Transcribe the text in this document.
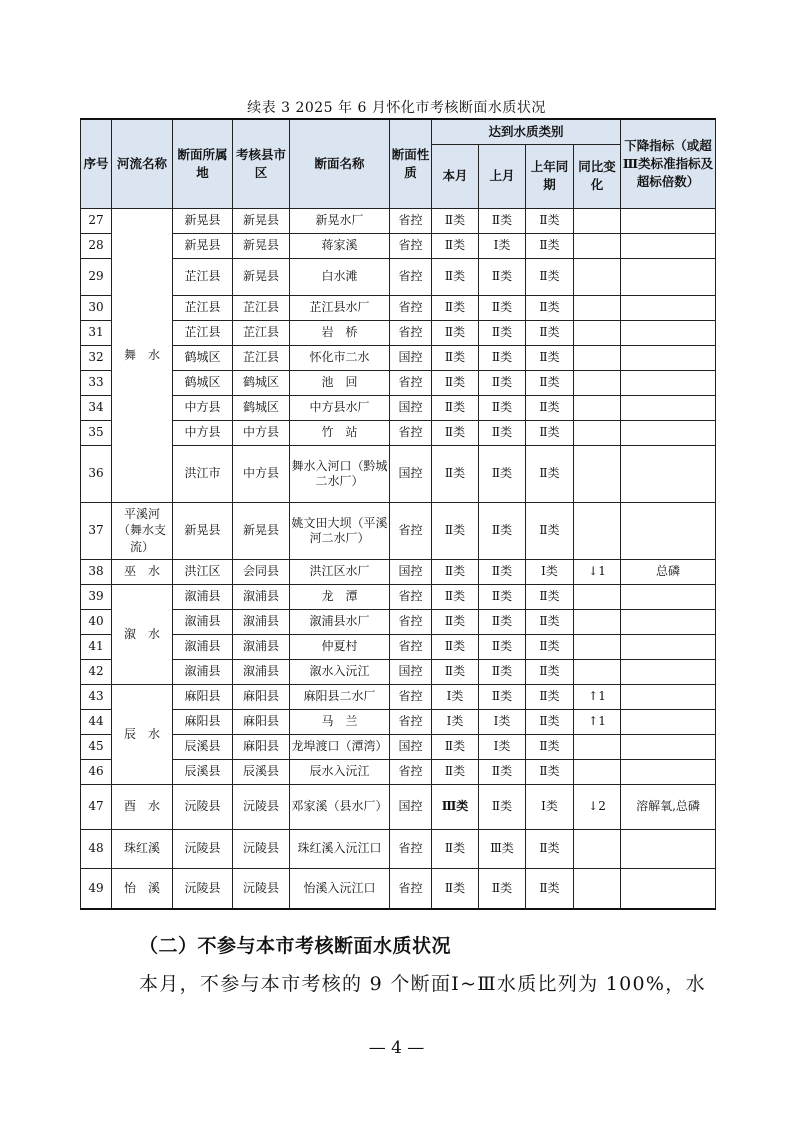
续表 3 2025 年 6 月怀化市考核断面水质状况
序号	河流名称	断面所属地	考核县市区	断面名称	断面性质	达到水质类别				下降指标（或超Ⅲ类标准指标及超标倍数）
						本月	上月	上年同期	同比变化	
27	舞　水	新晃县	新晃县	新晃水厂	省控	Ⅱ类	Ⅱ类	Ⅱ类		
28		新晃县	新晃县	蒋家溪	省控	Ⅱ类	Ⅰ类	Ⅱ类		
29		芷江县	新晃县	白水滩	省控	Ⅱ类	Ⅱ类	Ⅱ类		
30		芷江县	芷江县	芷江县水厂	省控	Ⅱ类	Ⅱ类	Ⅱ类		
31		芷江县	芷江县	岩　桥	省控	Ⅱ类	Ⅱ类	Ⅱ类		
32		鹤城区	芷江县	怀化市二水	国控	Ⅱ类	Ⅱ类	Ⅱ类		
33		鹤城区	鹤城区	池　回	省控	Ⅱ类	Ⅱ类	Ⅱ类		
34		中方县	鹤城区	中方县水厂	国控	Ⅱ类	Ⅱ类	Ⅱ类		
35		中方县	中方县	竹　站	省控	Ⅱ类	Ⅱ类	Ⅱ类		
36		洪江市	中方县	舞水入河口（黔城二水厂）	国控	Ⅱ类	Ⅱ类	Ⅱ类		
37	平溪河（舞水支流）	新晃县	新晃县	姚文田大坝（平溪河二水厂）	省控	Ⅱ类	Ⅱ类	Ⅱ类		
38	巫　水	洪江区	会同县	洪江区水厂	国控	Ⅱ类	Ⅱ类	Ⅰ类	↓1	总磷
39	溆　水	溆浦县	溆浦县	龙　潭	省控	Ⅱ类	Ⅱ类	Ⅱ类		
40		溆浦县	溆浦县	溆浦县水厂	省控	Ⅱ类	Ⅱ类	Ⅱ类		
41		溆浦县	溆浦县	仲夏村	省控	Ⅱ类	Ⅱ类	Ⅱ类		
42		溆浦县	溆浦县	溆水入沅江	国控	Ⅱ类	Ⅱ类	Ⅱ类		
43	辰　水	麻阳县	麻阳县	麻阳县二水厂	省控	Ⅰ类	Ⅱ类	Ⅱ类	↑1	
44		麻阳县	麻阳县	马　兰	省控	Ⅰ类	Ⅰ类	Ⅱ类	↑1	
45		辰溪县	麻阳县	龙埠渡口（潭湾）	国控	Ⅱ类	Ⅰ类	Ⅱ类		
46		辰溪县	辰溪县	辰水入沅江	省控	Ⅱ类	Ⅱ类	Ⅱ类		
47	酉　水	沅陵县	沅陵县	邓家溪（县水厂）	国控	Ⅲ类	Ⅱ类	Ⅰ类	↓2	溶解氧,总磷
48	珠红溪	沅陵县	沅陵县	珠红溪入沅江口	省控	Ⅱ类	Ⅲ类	Ⅱ类		
49	怡　溪	沅陵县	沅陵县	怡溪入沅江口	省控	Ⅱ类	Ⅱ类	Ⅱ类		
（二）不参与本市考核断面水质状况
本月，不参与本市考核的 9 个断面Ⅰ~Ⅲ水质比列为 100%，水
— 4 —
